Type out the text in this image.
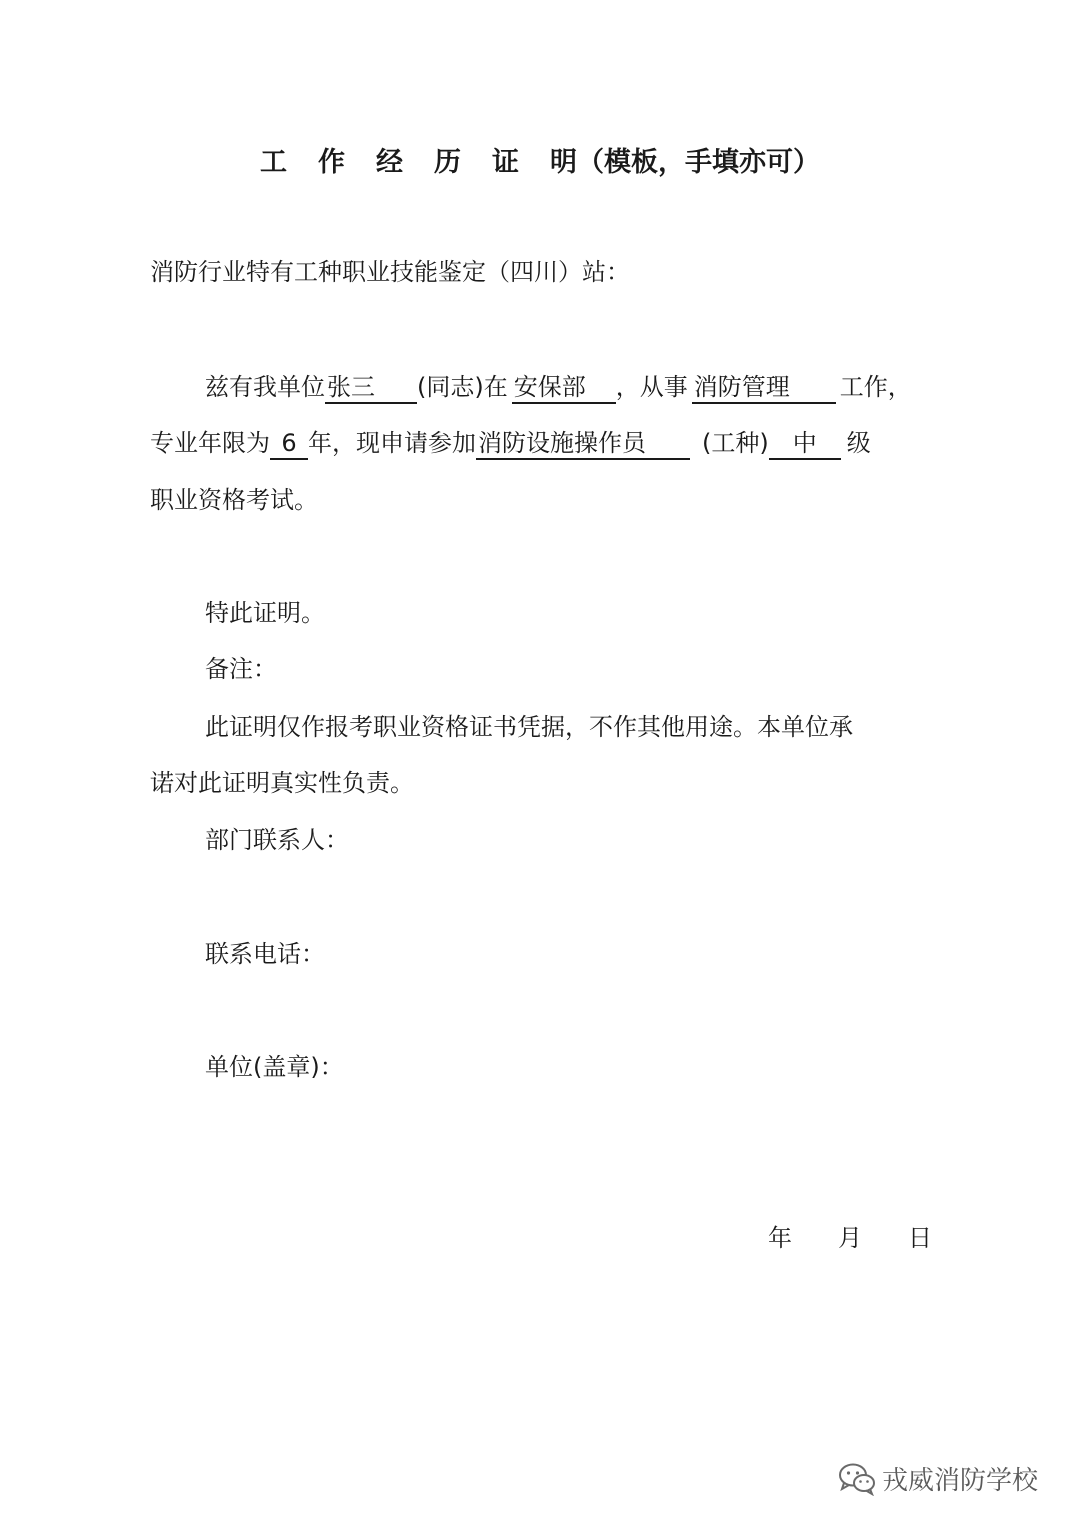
工作经历证明（模板，手填亦可）
消防行业特有工种职业技能鉴定（四川）站：
兹有我单位张三 (同志)在 安保部 ，从事 消防管理 工作，
专业年限为 6 年，现申请参加消防设施操作员 (工种) 中 级
职业资格考试。
特此证明。
备注：
此证明仅作报考职业资格证书凭据，不作其他用途。本单位承
诺对此证明真实性负责。
部门联系人：
联系电话：
单位(盖章)：
年 月 日
戎威消防学校
